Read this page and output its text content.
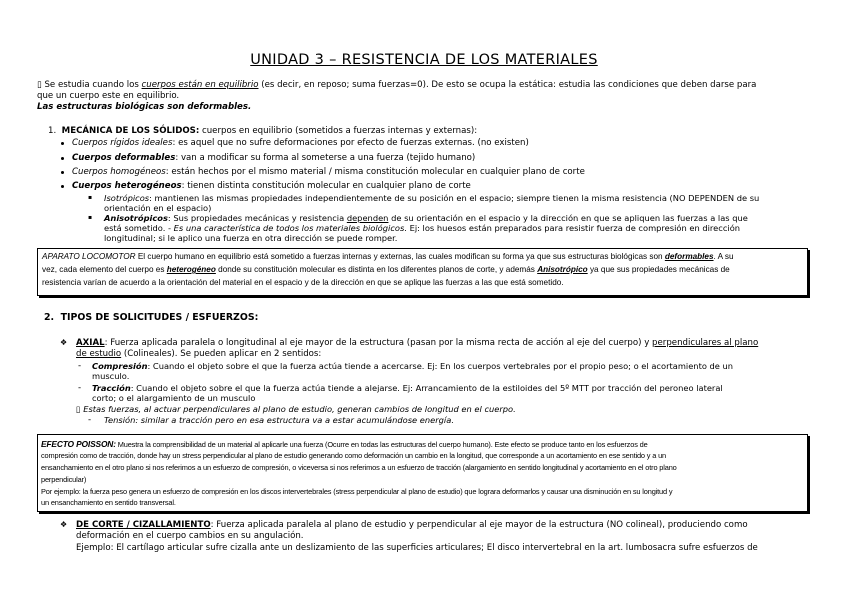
UNIDAD 3 – RESISTENCIA DE LOS MATERIALES
▯ Se estudia cuando los cuerpos están en equilibrio (es decir, en reposo; suma fuerzas=0). De esto se ocupa la estática: estudia las condiciones que deben darse para
que un cuerpo este en equilibrio.
Las estructuras biológicas son deformables.
1. MECÁNICA DE LOS SÓLIDOS: cuerpos en equilibrio (sometidos a fuerzas internas y externas):
Cuerpos rígidos ideales: es aquel que no sufre deformaciones por efecto de fuerzas externas. (no existen)
Cuerpos deformables: van a modificar su forma al someterse a una fuerza (tejido humano)
Cuerpos homogéneos: están hechos por el mismo material / misma constitución molecular en cualquier plano de corte
Cuerpos heterogéneos: tienen distinta constitución molecular en cualquier plano de corte
▪ Isotrópicos: mantienen las mismas propiedades independientemente de su posición en el espacio; siempre tienen la misma resistencia (NO DEPENDEN de su
orientación en el espacio)
▪ Anisotrópicos: Sus propiedades mecánicas y resistencia dependen de su orientación en el espacio y la dirección en que se apliquen las fuerzas a las que
está sometido. - Es una característica de todos los materiales biológicos. Ej: los huesos están preparados para resistir fuerza de compresión en dirección
longitudinal; si le aplico una fuerza en otra dirección se puede romper.
APARATO LOCOMOTOR El cuerpo humano en equilibrio está sometido a fuerzas internas y externas, las cuales modifican su forma ya que sus estructuras biológicas son deformables. A su
vez, cada elemento del cuerpo es heterogéneo donde su constitución molecular es distinta en los diferentes planos de corte, y además Anisotrópico ya que sus propiedades mecánicas de
resistencia varían de acuerdo a la orientación del material en el espacio y de la dirección en que se aplique las fuerzas a las que está sometido.
2. TIPOS DE SOLICITUDES / ESFUERZOS:
❖ AXIAL: Fuerza aplicada paralela o longitudinal al eje mayor de la estructura (pasan por la misma recta de acción al eje del cuerpo) y perpendiculares al plano
de estudio (Colineales). Se pueden aplicar en 2 sentidos:
- Compresión: Cuando el objeto sobre el que la fuerza actúa tiende a acercarse. Ej: En los cuerpos vertebrales por el propio peso; o el acortamiento de un
musculo.
- Tracción: Cuando el objeto sobre el que la fuerza actúa tiende a alejarse. Ej: Arrancamiento de la estiloides del 5º MTT por tracción del peroneo lateral
corto; o el alargamiento de un musculo
▯ Estas fuerzas, al actuar perpendiculares al plano de estudio, generan cambios de longitud en el cuerpo.
- Tensión: similar a tracción pero en esa estructura va a estar acumulándose energía.
EFECTO POISSON: Muestra la comprensibilidad de un material al aplicarle una fuerza (Ocurre en todas las estructuras del cuerpo humano). Este efecto se produce tanto en los esfuerzos de
compresión como de tracción, donde hay un stress perpendicular al plano de estudio generando como deformación un cambio en la longitud, que corresponde a un acortamiento en ese sentido y a un
ensanchamiento en el otro plano si nos referimos a un esfuerzo de compresión, o viceversa si nos referimos a un esfuerzo de tracción (alargamiento en sentido longitudinal y acortamiento en el otro plano
perpendicular)
Por ejemplo: la fuerza peso genera un esfuerzo de compresión en los discos intervertebrales (stress perpendicular al plano de estudio) que lograra deformarlos y causar una disminución en su longitud y
un ensanchamiento en sentido transversal.
❖ DE CORTE / CIZALLAMIENTO: Fuerza aplicada paralela al plano de estudio y perpendicular al eje mayor de la estructura (NO colineal), produciendo como
deformación en el cuerpo cambios en su angulación.
Ejemplo: El cartílago articular sufre cizalla ante un deslizamiento de las superficies articulares; El disco intervertebral en la art. lumbosacra sufre esfuerzos de
